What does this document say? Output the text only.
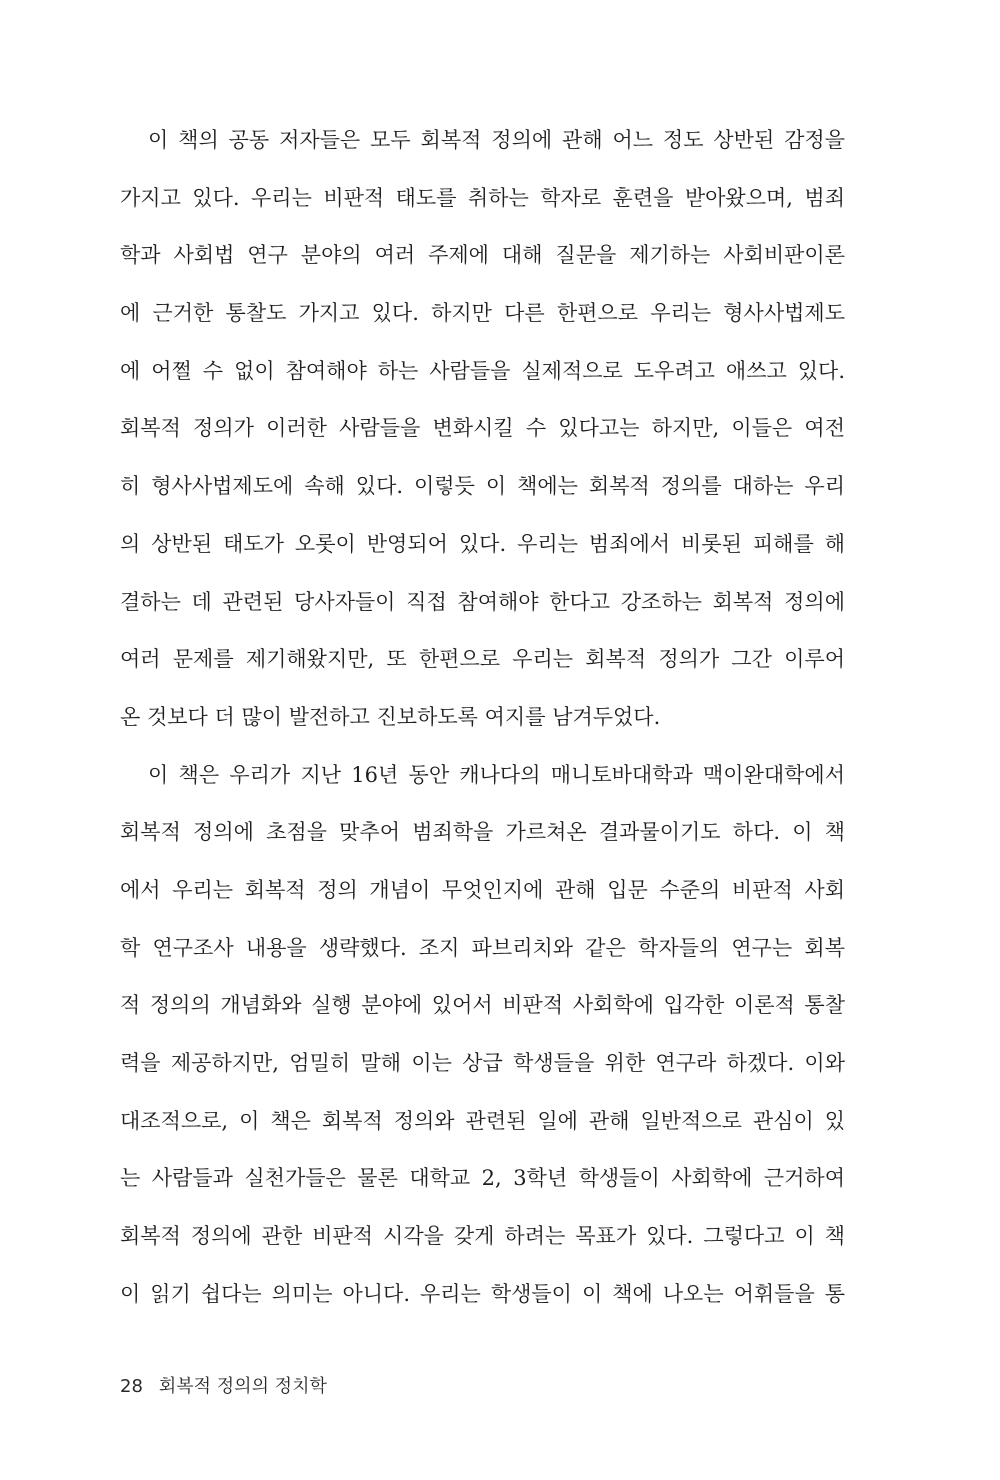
이 책의 공동 저자들은 모두 회복적 정의에 관해 어느 정도 상반된 감정을
가지고 있다. 우리는 비판적 태도를 취하는 학자로 훈련을 받아왔으며, 범죄
학과 사회법 연구 분야의 여러 주제에 대해 질문을 제기하는 사회비판이론
에 근거한 통찰도 가지고 있다. 하지만 다른 한편으로 우리는 형사사법제도
에 어쩔 수 없이 참여해야 하는 사람들을 실제적으로 도우려고 애쓰고 있다.
회복적 정의가 이러한 사람들을 변화시킬 수 있다고는 하지만, 이들은 여전
히 형사사법제도에 속해 있다. 이렇듯 이 책에는 회복적 정의를 대하는 우리
의 상반된 태도가 오롯이 반영되어 있다. 우리는 범죄에서 비롯된 피해를 해
결하는 데 관련된 당사자들이 직접 참여해야 한다고 강조하는 회복적 정의에
여러 문제를 제기해왔지만, 또 한편으로 우리는 회복적 정의가 그간 이루어
온 것보다 더 많이 발전하고 진보하도록 여지를 남겨두었다.
이 책은 우리가 지난 16년 동안 캐나다의 매니토바대학과 맥이완대학에서
회복적 정의에 초점을 맞추어 범죄학을 가르쳐온 결과물이기도 하다. 이 책
에서 우리는 회복적 정의 개념이 무엇인지에 관해 입문 수준의 비판적 사회
학 연구조사 내용을 생략했다. 조지 파브리치와 같은 학자들의 연구는 회복
적 정의의 개념화와 실행 분야에 있어서 비판적 사회학에 입각한 이론적 통찰
력을 제공하지만, 엄밀히 말해 이는 상급 학생들을 위한 연구라 하겠다. 이와
대조적으로, 이 책은 회복적 정의와 관련된 일에 관해 일반적으로 관심이 있
는 사람들과 실천가들은 물론 대학교 2, 3학년 학생들이 사회학에 근거하여
회복적 정의에 관한 비판적 시각을 갖게 하려는 목표가 있다. 그렇다고 이 책
이 읽기 쉽다는 의미는 아니다. 우리는 학생들이 이 책에 나오는 어휘들을 통
28 회복적 정의의 정치학
